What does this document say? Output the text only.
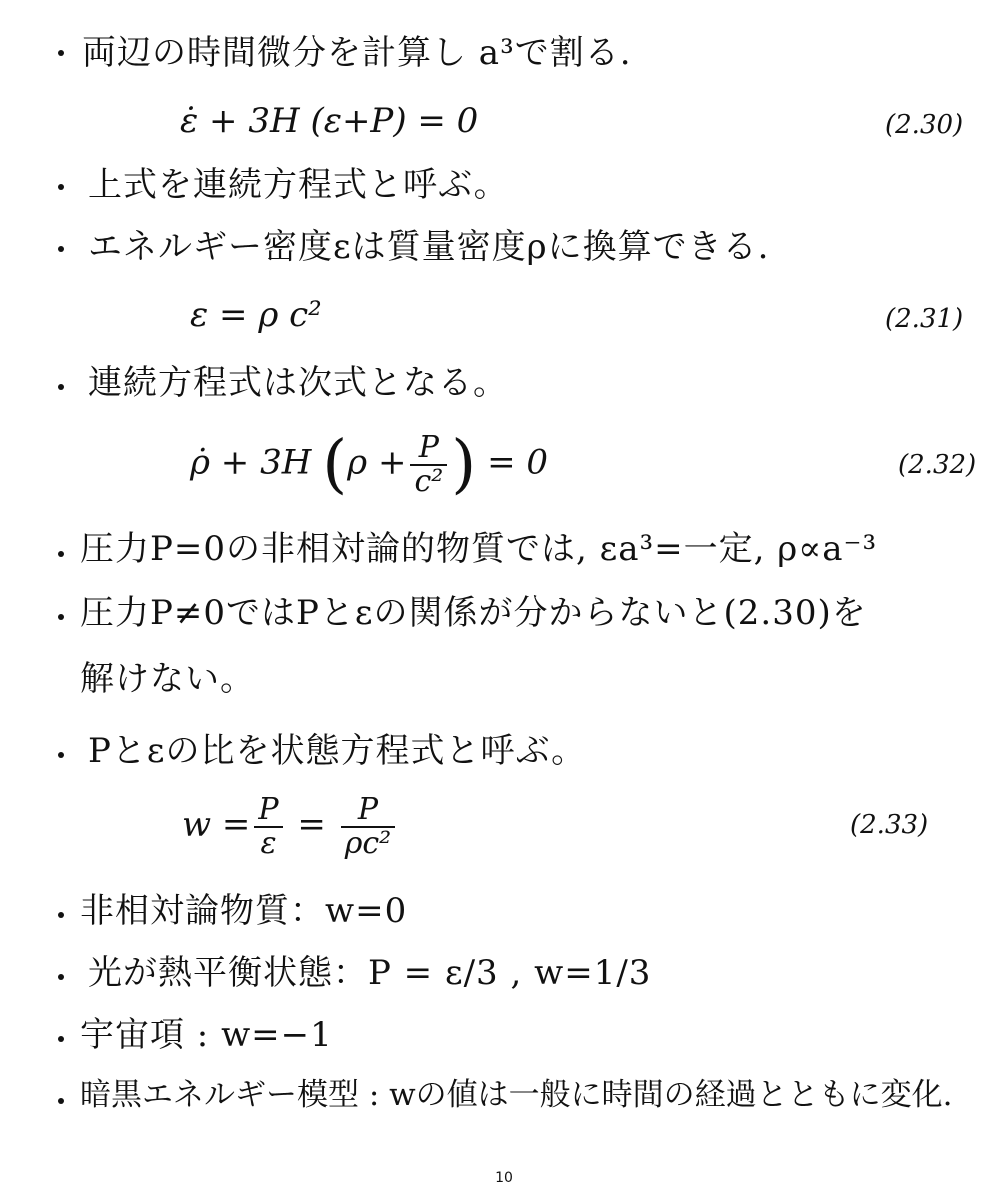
両辺の時間微分を計算し a³で割る.
ε̇ + 3H (ε+P) = 0	(2.30)
上式を連続方程式と呼ぶ。
エネルギー密度εは質量密度ρに換算できる.
ε = ρ c²	(2.31)
連続方程式は次式となる。
ρ̇ + 3H ($\rho + \frac{P}{\text{c²}}$ ) = 0	(2.32)
圧力P=0の非相対論的物質では, εa³=一定, ρ∝a⁻³
圧力P≠0ではPとεの関係が分からないと(2.30)を
解けない。
Pとεの比を状態方程式と呼ぶ。
$w = \frac{P}{\varepsilon} = \frac{P}{\text{ρc²}}$	(2.33)
非相対論物質：w=0
光が熱平衡状態：P = ε/3 , w=1/3
宇宙項 : w=−1
暗黒エネルギー模型 : wの値は一般に時間の経過とともに変化.
10
